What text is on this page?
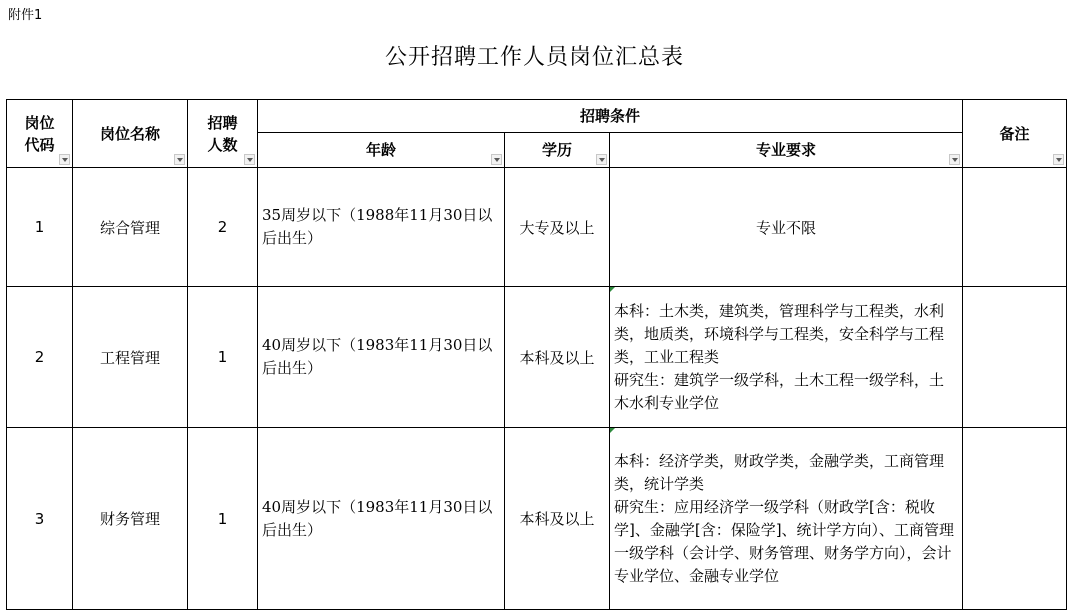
附件1
公开招聘工作人员岗位汇总表
岗位代码	岗位名称	招聘人数	招聘条件			备注

			年龄	学历	专业要求	

1	综合管理	2	35周岁以下（1988年11月30日以后出生）	大专及以上	专业不限	

2	工程管理	1	40周岁以下（1983年11月30日以后出生）	本科及以上	本科：土木类，建筑类，管理科学与工程类，水利类，地质类，环境科学与工程类，安全科学与工程类，工业工程类
研究生：建筑学一级学科，土木工程一级学科，土木水利专业学位	

3	财务管理	1	40周岁以下（1983年11月30日以后出生）	本科及以上	本科：经济学类，财政学类，金融学类，工商管理类，统计学类
研究生：应用经济学一级学科（财政学[含：税收学]、金融学[含：保险学]、统计学方向）、工商管理一级学科（会计学、财务管理、财务学方向），会计专业学位、金融专业学位	
